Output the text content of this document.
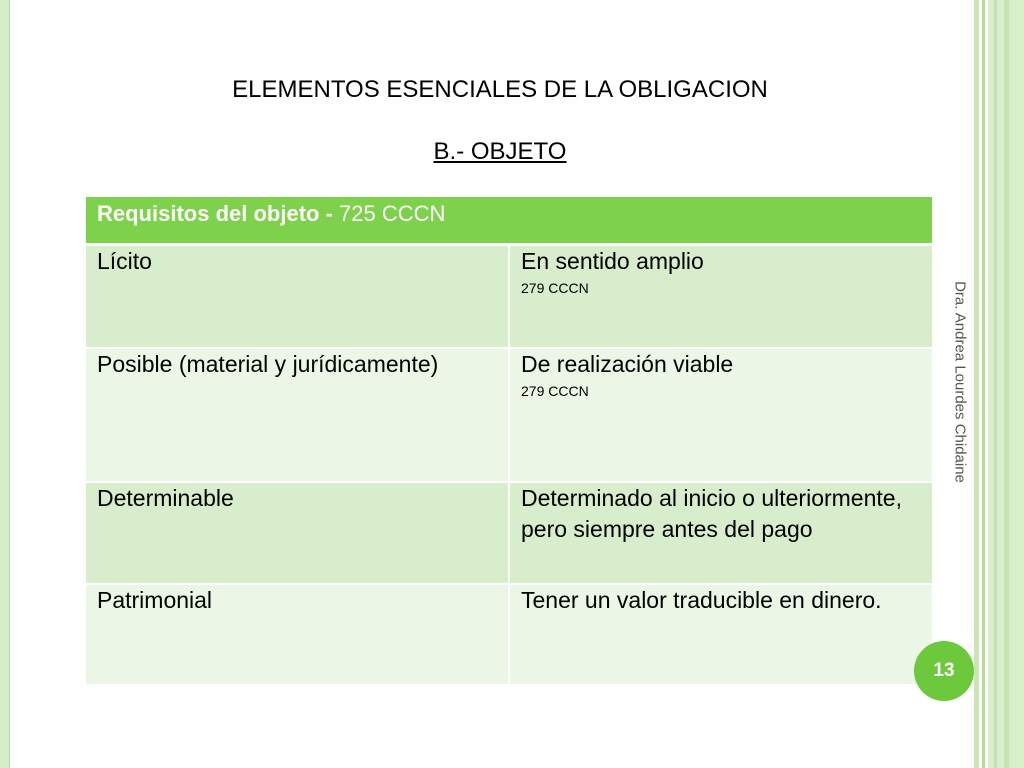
ELEMENTOS ESENCIALES DE LA OBLIGACION
B.- OBJETO
Requisitos del objeto - 725 CCCN	
Lícito	En sentido amplio
279 CCCN

Posible (material y jurídicamente)	De realización viable
279 CCCN

Determinable	Determinado al inicio o ulteriormente, pero siempre antes del pago
Patrimonial	Tener un valor traducible en dinero.
Dra. Andrea Lourdes Chidaine
13
